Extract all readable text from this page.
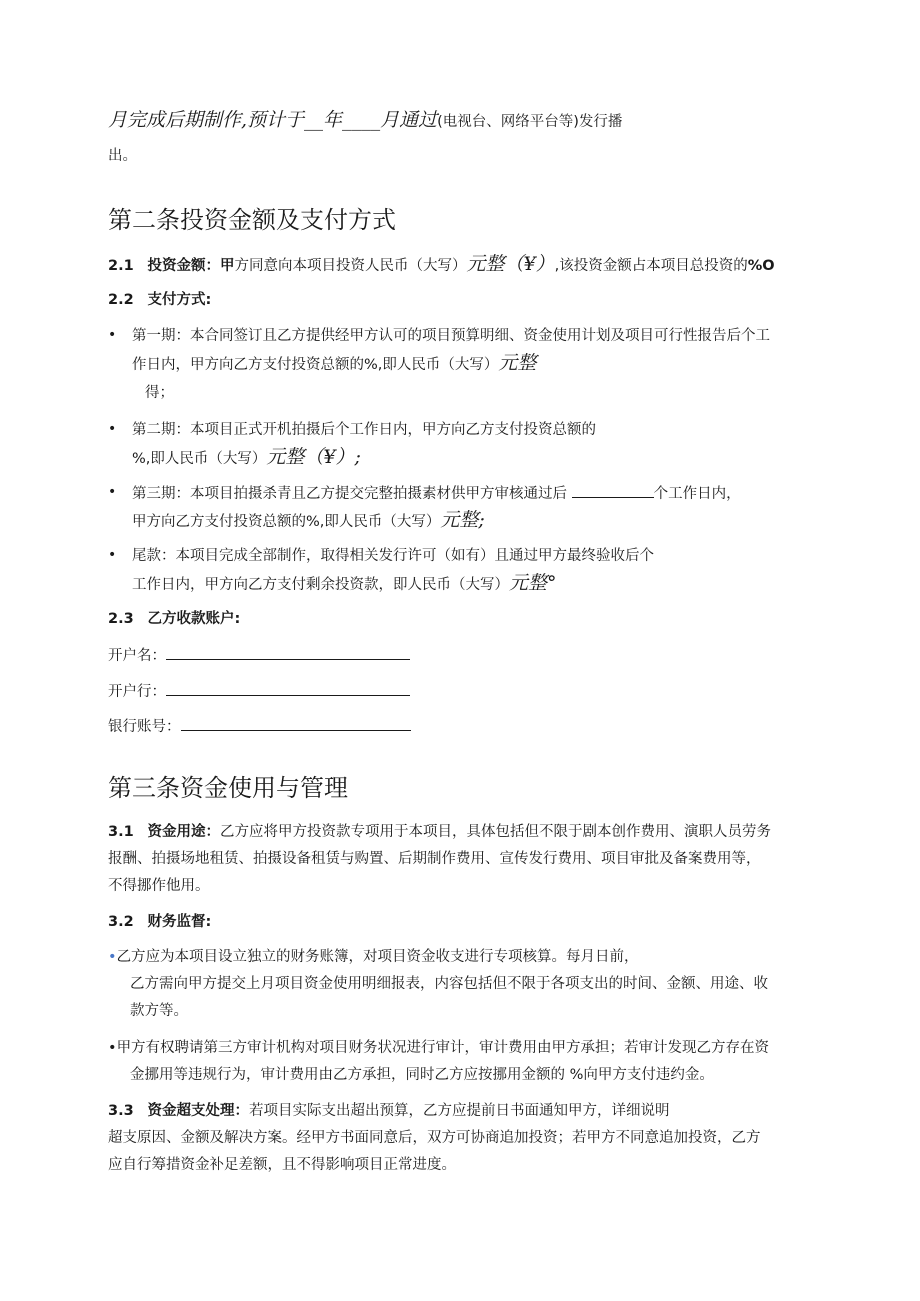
月完成后期制作,预计于__年____月通过(电视台、网络平台等)发行播
出。
第二条投资金额及支付方式
2.1 投资金额：甲方同意向本项目投资人民币（大写）元整（¥）,该投资金额占本项目总投资的%O
2.2 支付方式:
• 第一期：本合同签订且乙方提供经甲方认可的项目预算明细、资金使用计划及项目可行性报告后个工
作日内，甲方向乙方支付投资总额的%,即人民币（大写）元整
得；
• 第二期：本项目正式开机拍摄后个工作日内，甲方向乙方支付投资总额的
%,即人民币（大写）元整（¥）;
• 第三期：本项目拍摄杀青且乙方提交完整拍摄素材供甲方审核通过后	个工作日内，
甲方向乙方支付投资总额的%,即人民币（大写）元整;
• 尾款：本项目完成全部制作，取得相关发行许可（如有）且通过甲方最终验收后个
工作日内，甲方向乙方支付剩余投资款，即人民币（大写）元整°
2.3 乙方收款账户:
开户名：
开户行：
银行账号：
第三条资金使用与管理
3.1 资金用途：乙方应将甲方投资款专项用于本项目，具体包括但不限于剧本创作费用、演职人员劳务
报酬、拍摄场地租赁、拍摄设备租赁与购置、后期制作费用、宣传发行费用、项目审批及备案费用等，
不得挪作他用。
3.2 财务监督:
•乙方应为本项目设立独立的财务账簿，对项目资金收支进行专项核算。每月日前，
乙方需向甲方提交上月项目资金使用明细报表，内容包括但不限于各项支出的时间、金额、用途、收
款方等。
•甲方有权聘请第三方审计机构对项目财务状况进行审计，审计费用由甲方承担；若审计发现乙方存在资
金挪用等违规行为，审计费用由乙方承担，同时乙方应按挪用金额的 %向甲方支付违约金。
3.3 资金超支处理：若项目实际支出超出预算，乙方应提前日书面通知甲方，详细说明
超支原因、金额及解决方案。经甲方书面同意后，双方可协商追加投资；若甲方不同意追加投资，乙方
应自行筹措资金补足差额，且不得影响项目正常进度。
